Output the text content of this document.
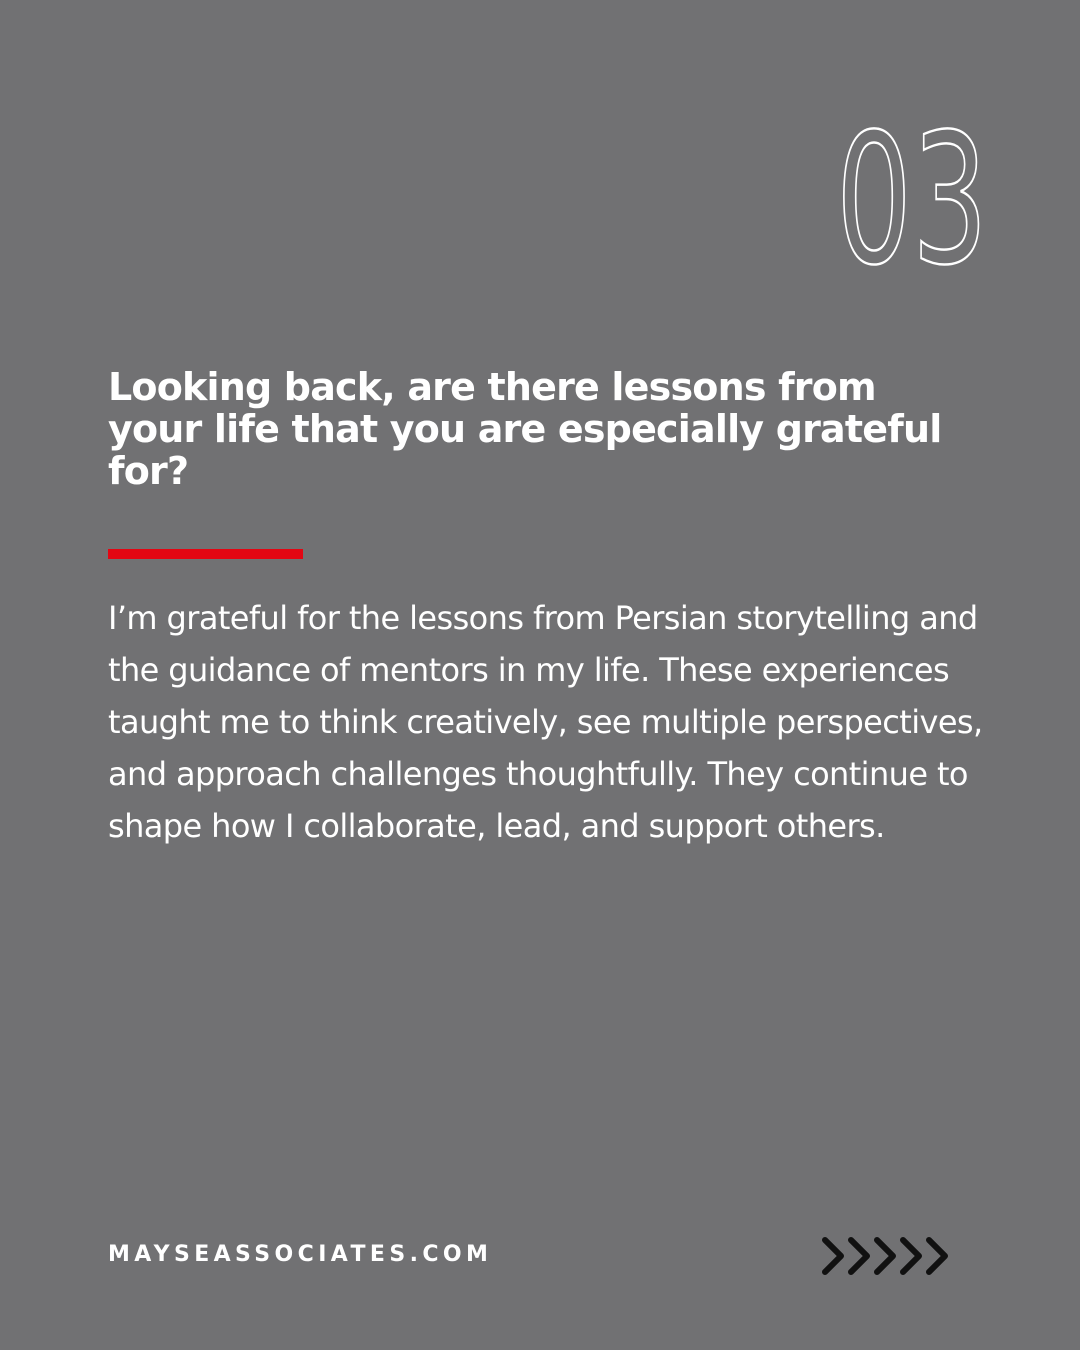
03
Looking back, are there lessons from your life that you are especially grateful for?

I’m grateful for the lessons from Persian storytelling and the guidance of mentors in my life. These experiences taught me to think creatively, see multiple perspectives, and approach challenges thoughtfully. They continue to shape how I collaborate, lead, and support others.

MAYSEASSOCIATES.COM
